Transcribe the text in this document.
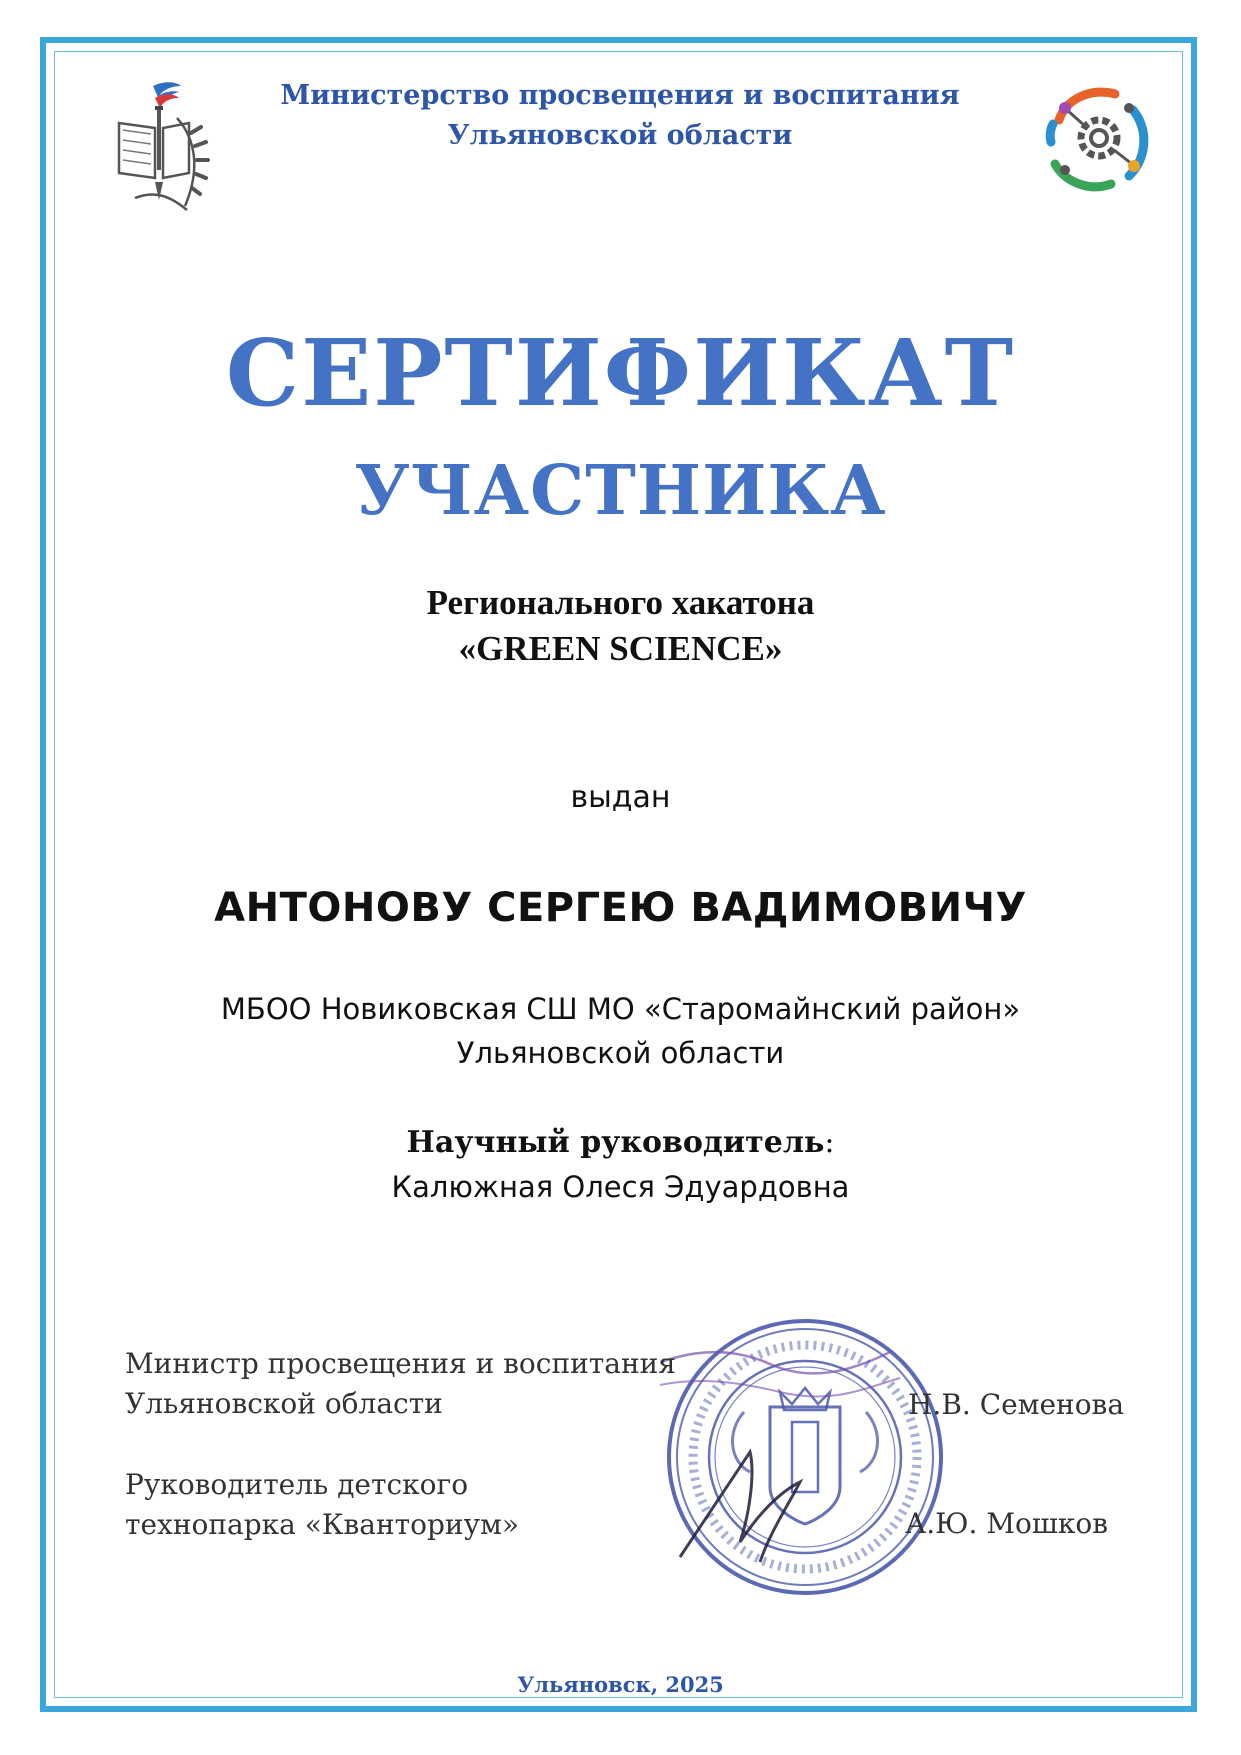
Министерство просвещения и воспитания
Ульяновской области
СЕРТИФИКАТ
УЧАСТНИКА
Регионального хакатона
«GREEN SCIENCE»
выдан
АНТОНОВУ СЕРГЕЮ ВАДИМОВИЧУ
МБОО Новиковская СШ МО «Старомайнский район»
Ульяновской области
Научный руководитель:
Калюжная Олеся Эдуардовна
Министр просвещения и воспитания
Ульяновской области	Н.В. Семенова
Руководитель детского
технопарка «Кванториум»	А.Ю. Мошков
Ульяновск, 2025
